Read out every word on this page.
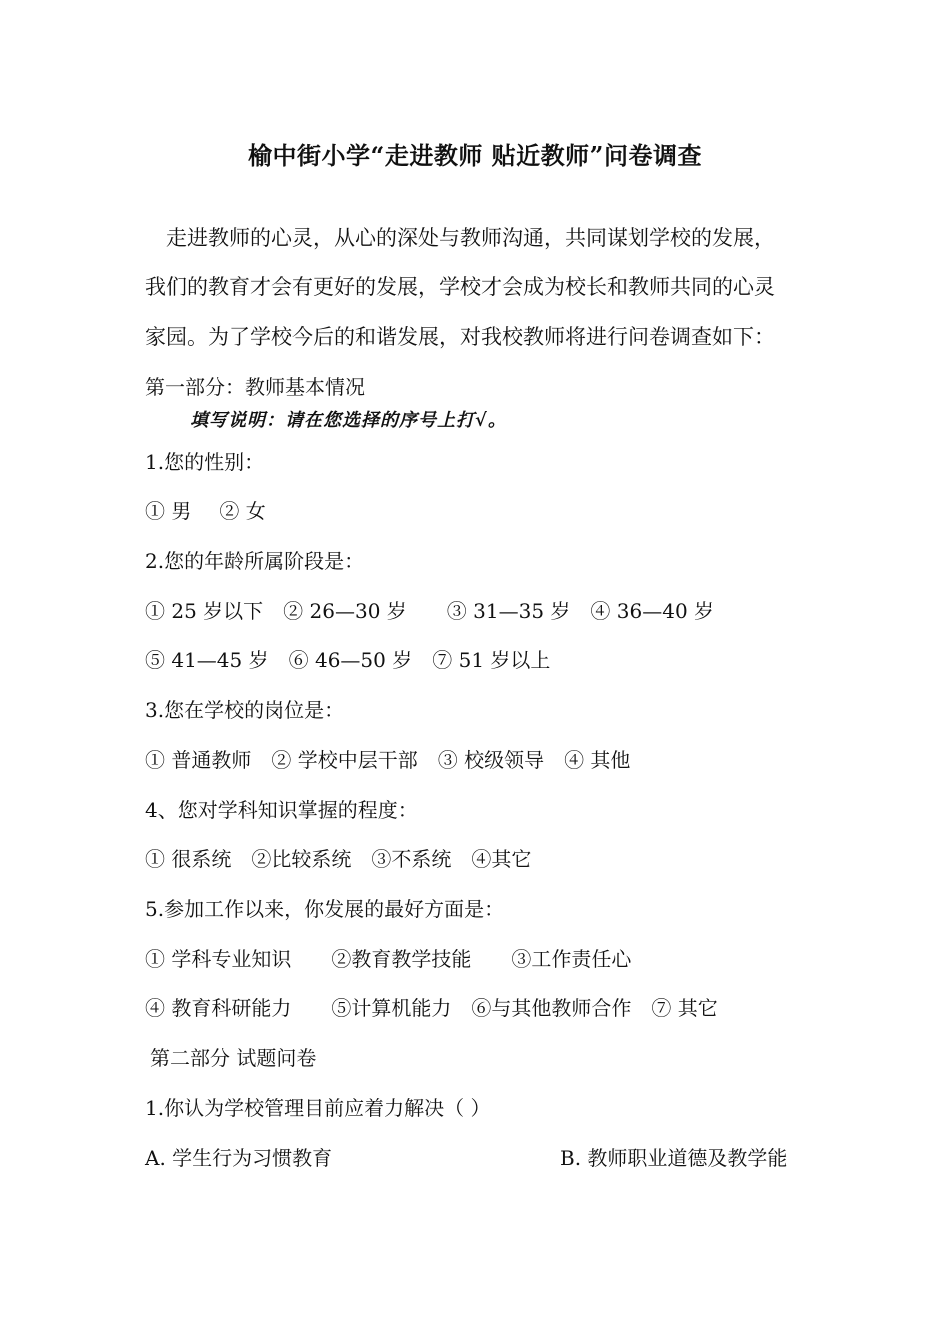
榆中街小学“走进教师 贴近教师”问卷调查
走进教师的心灵，从心的深处与教师沟通，共同谋划学校的发展，
我们的教育才会有更好的发展，学校才会成为校长和教师共同的心灵
家园。为了学校今后的和谐发展，对我校教师将进行问卷调查如下：
第一部分：教师基本情况
填写说明：请在您选择的序号上打√。
1.您的性别：
① 男 ② 女
2.您的年龄所属阶段是：
① 25 岁以下 ② 26—30 岁 ③ 31—35 岁 ④ 36—40 岁
⑤ 41—45 岁 ⑥ 46—50 岁 ⑦ 51 岁以上
3.您在学校的岗位是：
① 普通教师 ② 学校中层干部 ③ 校级领导 ④ 其他
4、您对学科知识掌握的程度：
① 很系统 ②比较系统 ③不系统 ④其它
5.参加工作以来，你发展的最好方面是：
① 学科专业知识 ②教育教学技能 ③工作责任心
④ 教育科研能力 ⑤计算机能力 ⑥与其他教师合作 ⑦ 其它
第二部分 试题问卷
1.你认为学校管理目前应着力解决（ ）
A. 学生行为习惯教育	B. 教师职业道德及教学能
